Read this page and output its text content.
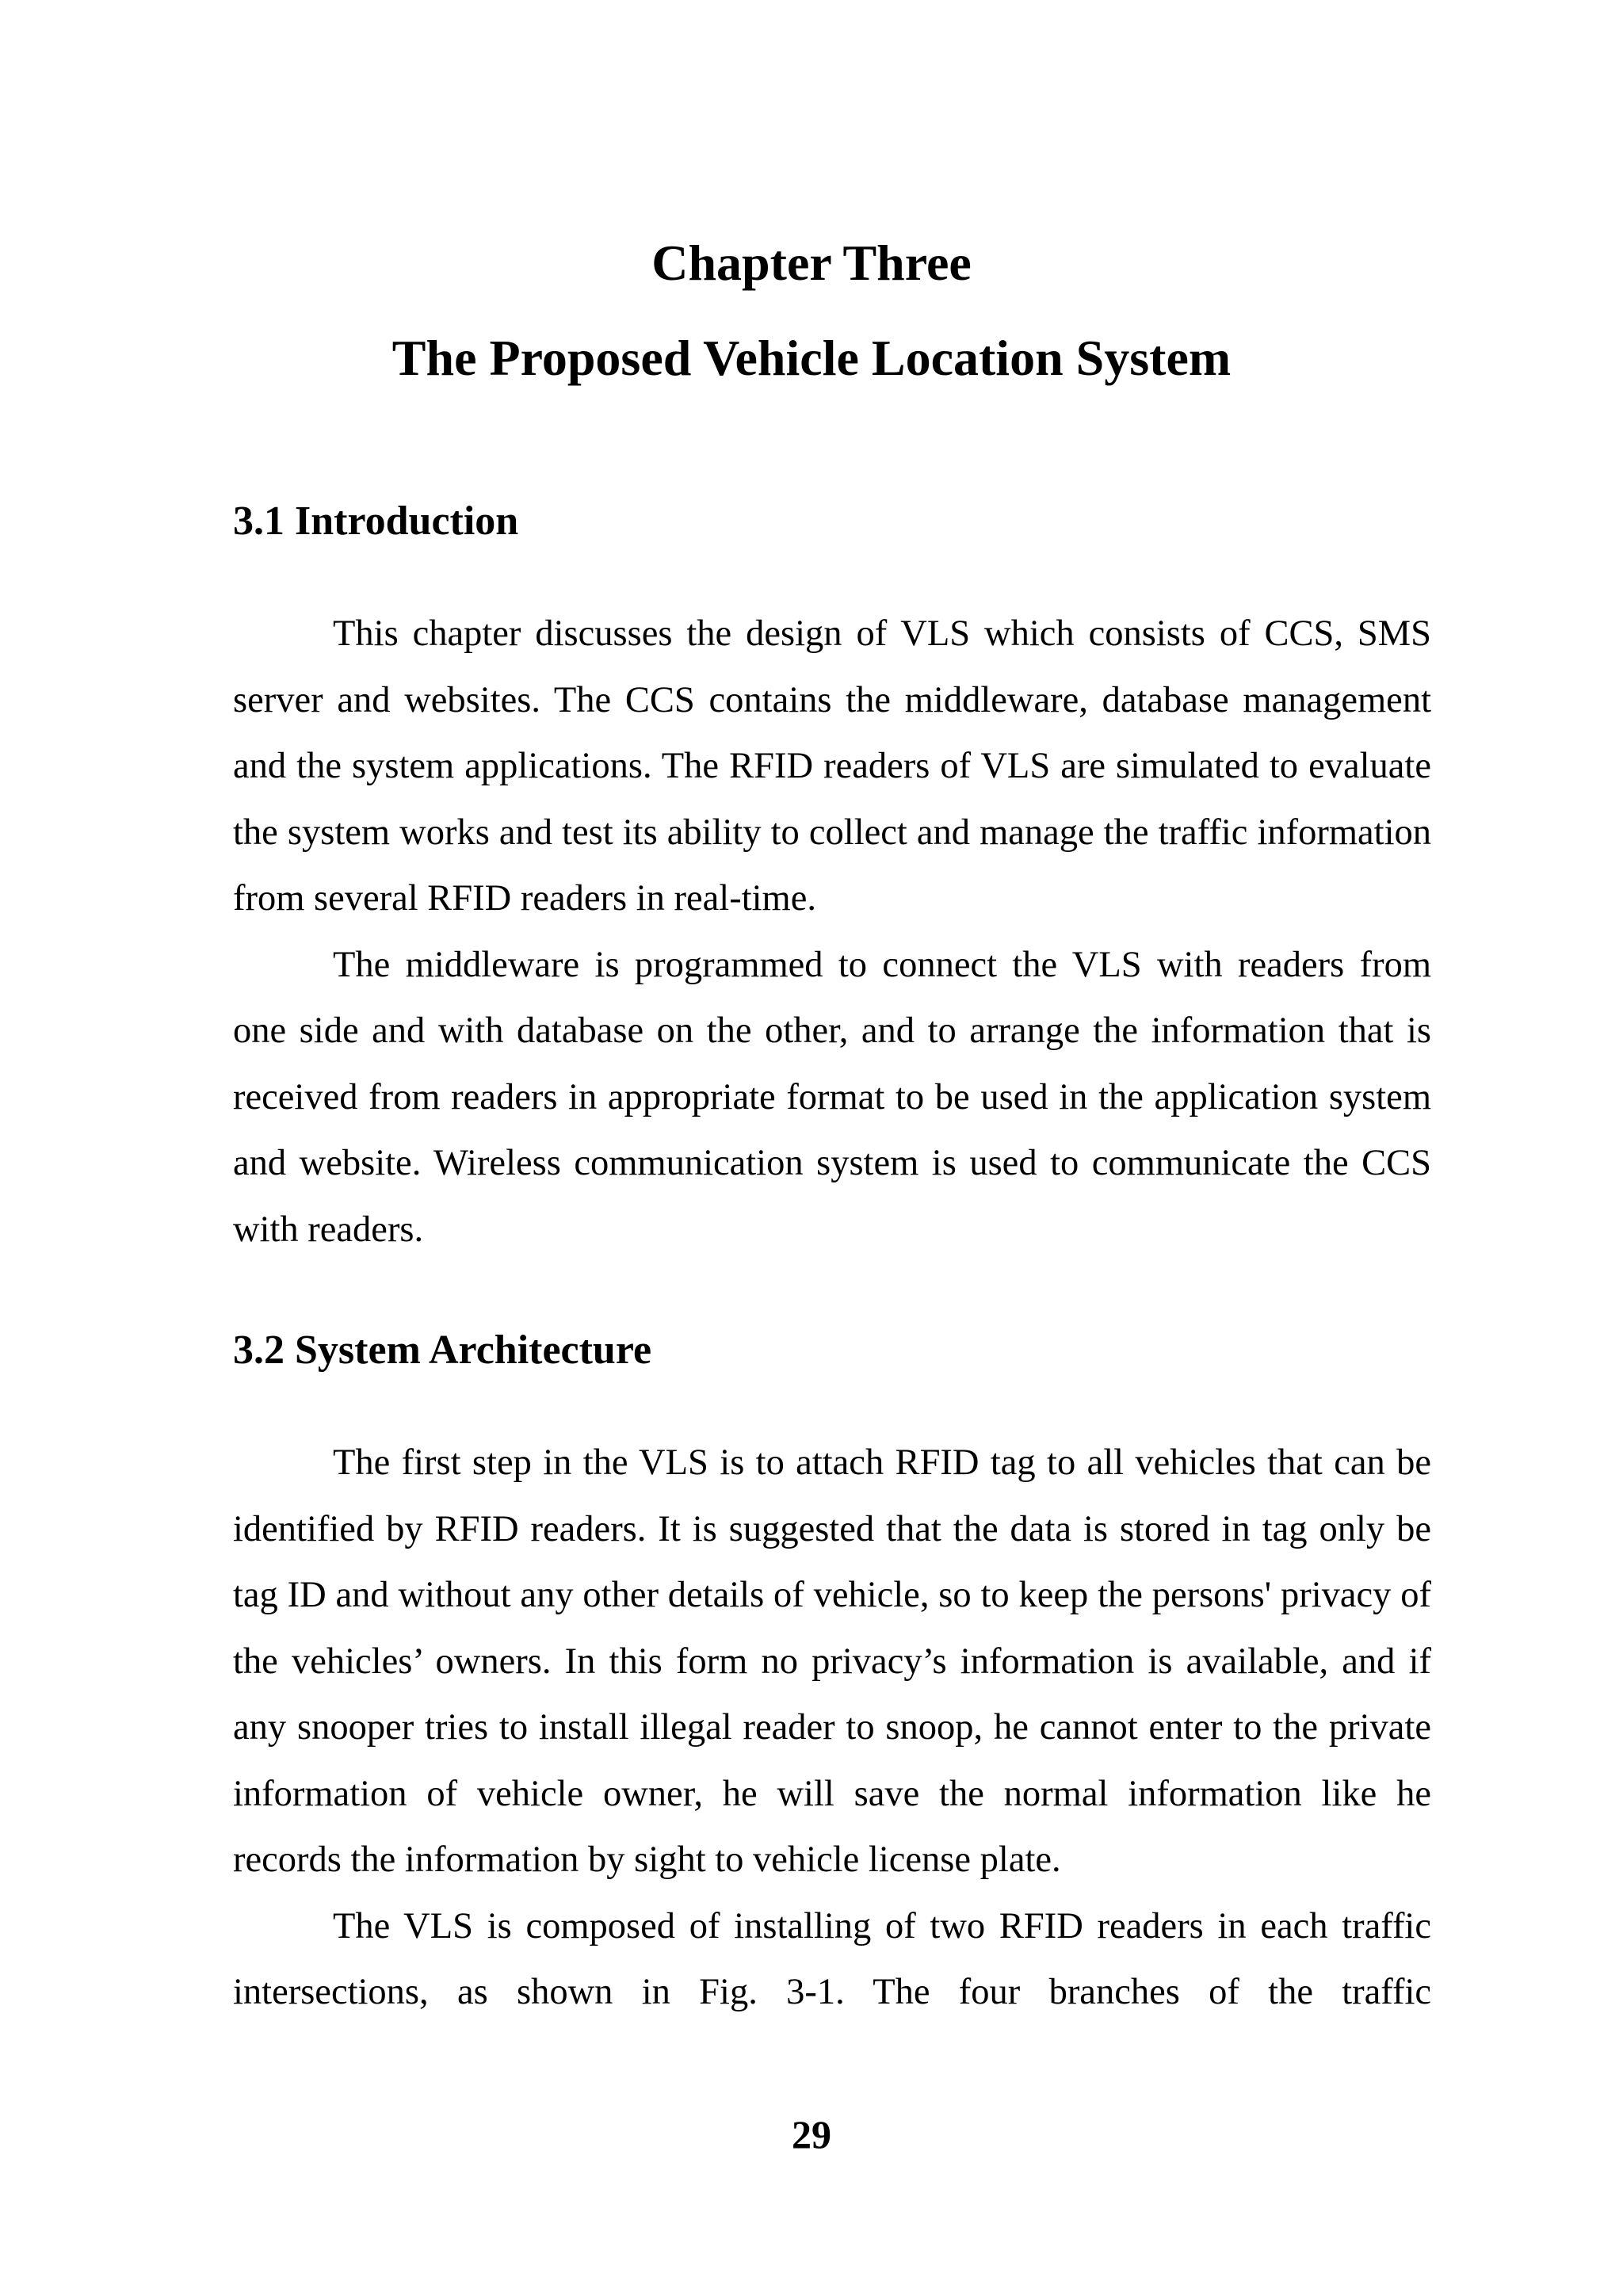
Chapter Three
The Proposed Vehicle Location System
3.1 Introduction

This chapter discusses the design of VLS which consists of CCS, SMS server and websites. The CCS contains the middleware, database management and the system applications. The RFID readers of VLS are simulated to evaluate the system works and test its ability to collect and manage the traffic information from several RFID readers in real-time.

The middleware is programmed to connect the VLS with readers from one side and with database on the other, and to arrange the information that is received from readers in appropriate format to be used in the application system and website. Wireless communication system is used to communicate the CCS with readers.

3.2 System Architecture

The first step in the VLS is to attach RFID tag to all vehicles that can be identified by RFID readers. It is suggested that the data is stored in tag only be tag ID and without any other details of vehicle, so to keep the persons' privacy of the vehicles’ owners. In this form no privacy’s information is available, and if any snooper tries to install illegal reader to snoop, he cannot enter to the private information of vehicle owner, he will save the normal information like he records the information by sight to vehicle license plate.

The VLS is composed of installing of two RFID readers in each traffic intersections, as shown in Fig. 3-1. The four branches of the traffic

29
